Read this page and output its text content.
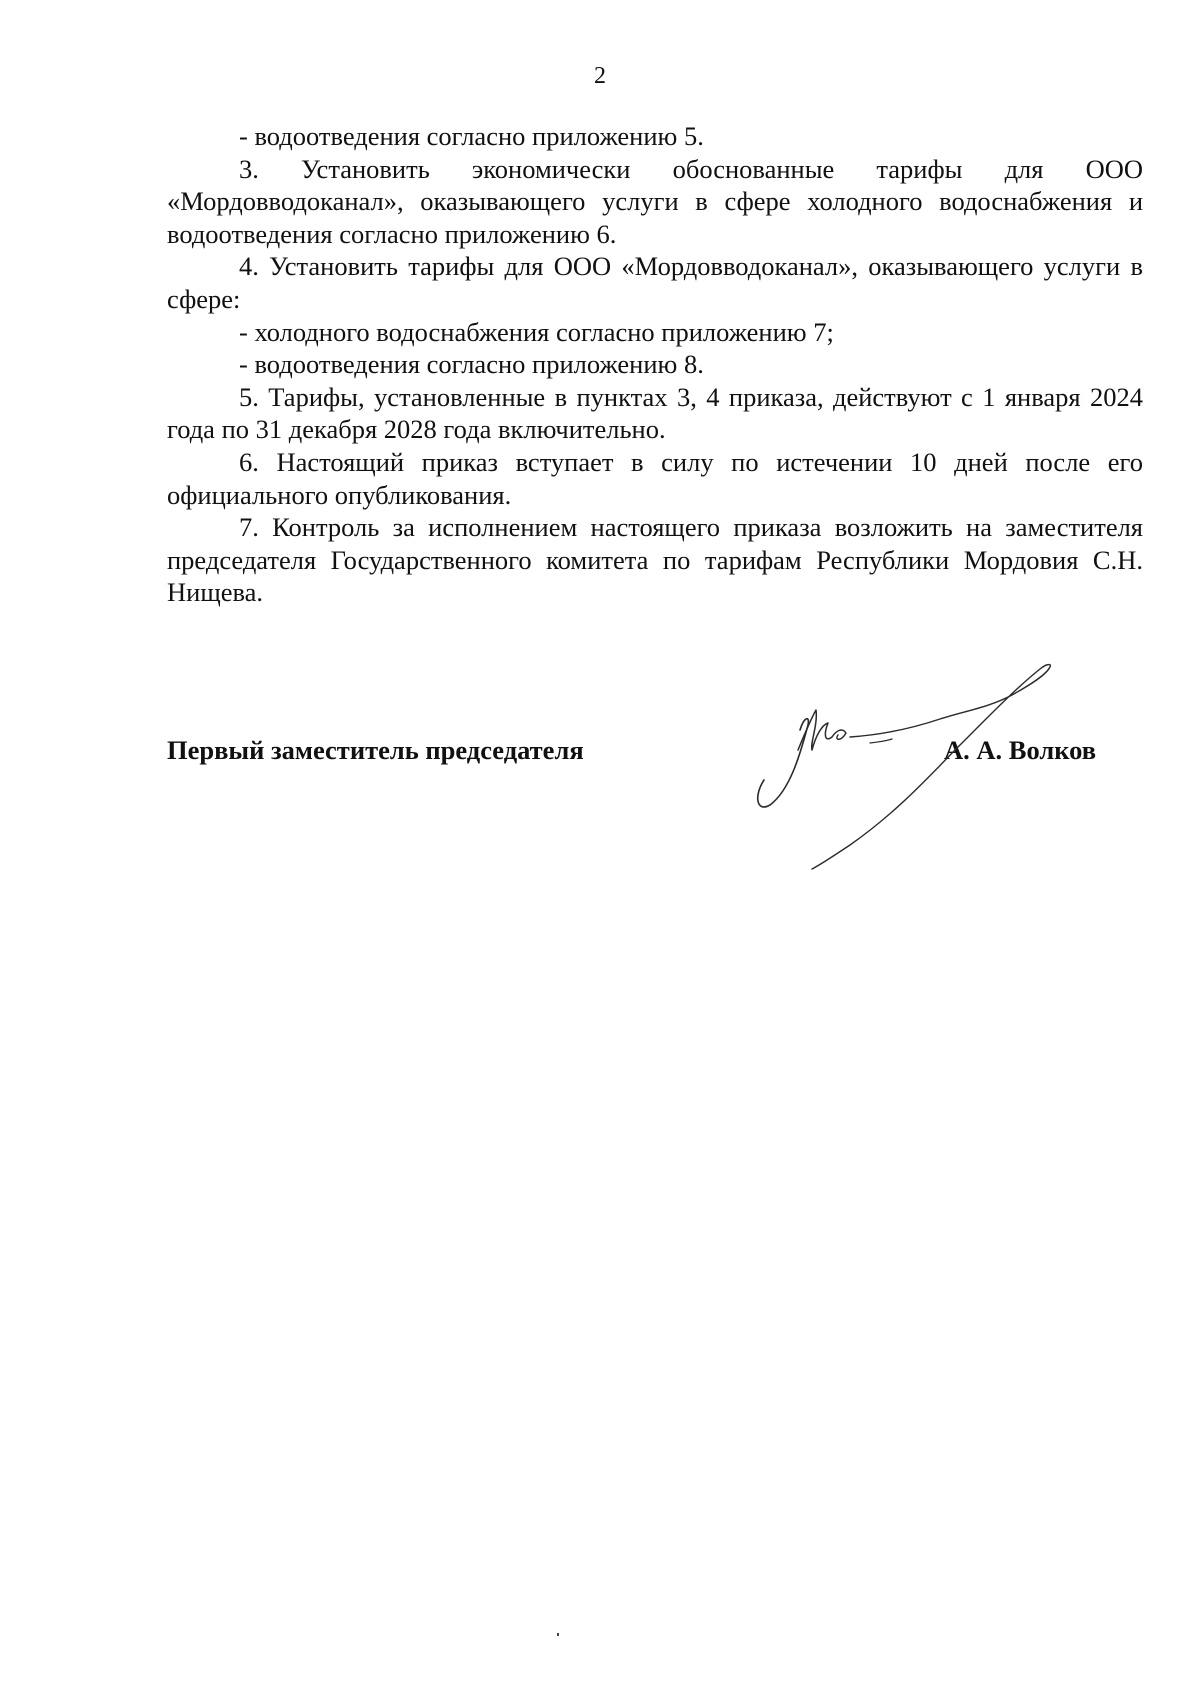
2

- водоотведения согласно приложению 5.

3. Установить экономически обоснованные тарифы для ООО «Мордовводоканал», оказывающего услуги в сфере холодного водоснабжения и водоотведения согласно приложению 6.

4. Установить тарифы для ООО «Мордовводоканал», оказывающего услуги в сфере:

- холодного водоснабжения согласно приложению 7;

- водоотведения согласно приложению 8.

5. Тарифы, установленные в пунктах 3, 4 приказа, действуют с 1 января 2024 года по 31 декабря 2028 года включительно.

6. Настоящий приказ вступает в силу по истечении 10 дней после его официального опубликования.

7. Контроль за исполнением настоящего приказа возложить на заместителя председателя Государственного комитета по тарифам Республики Мордовия С.Н. Нищева.

Первый заместитель председателя	А. А. Волков
